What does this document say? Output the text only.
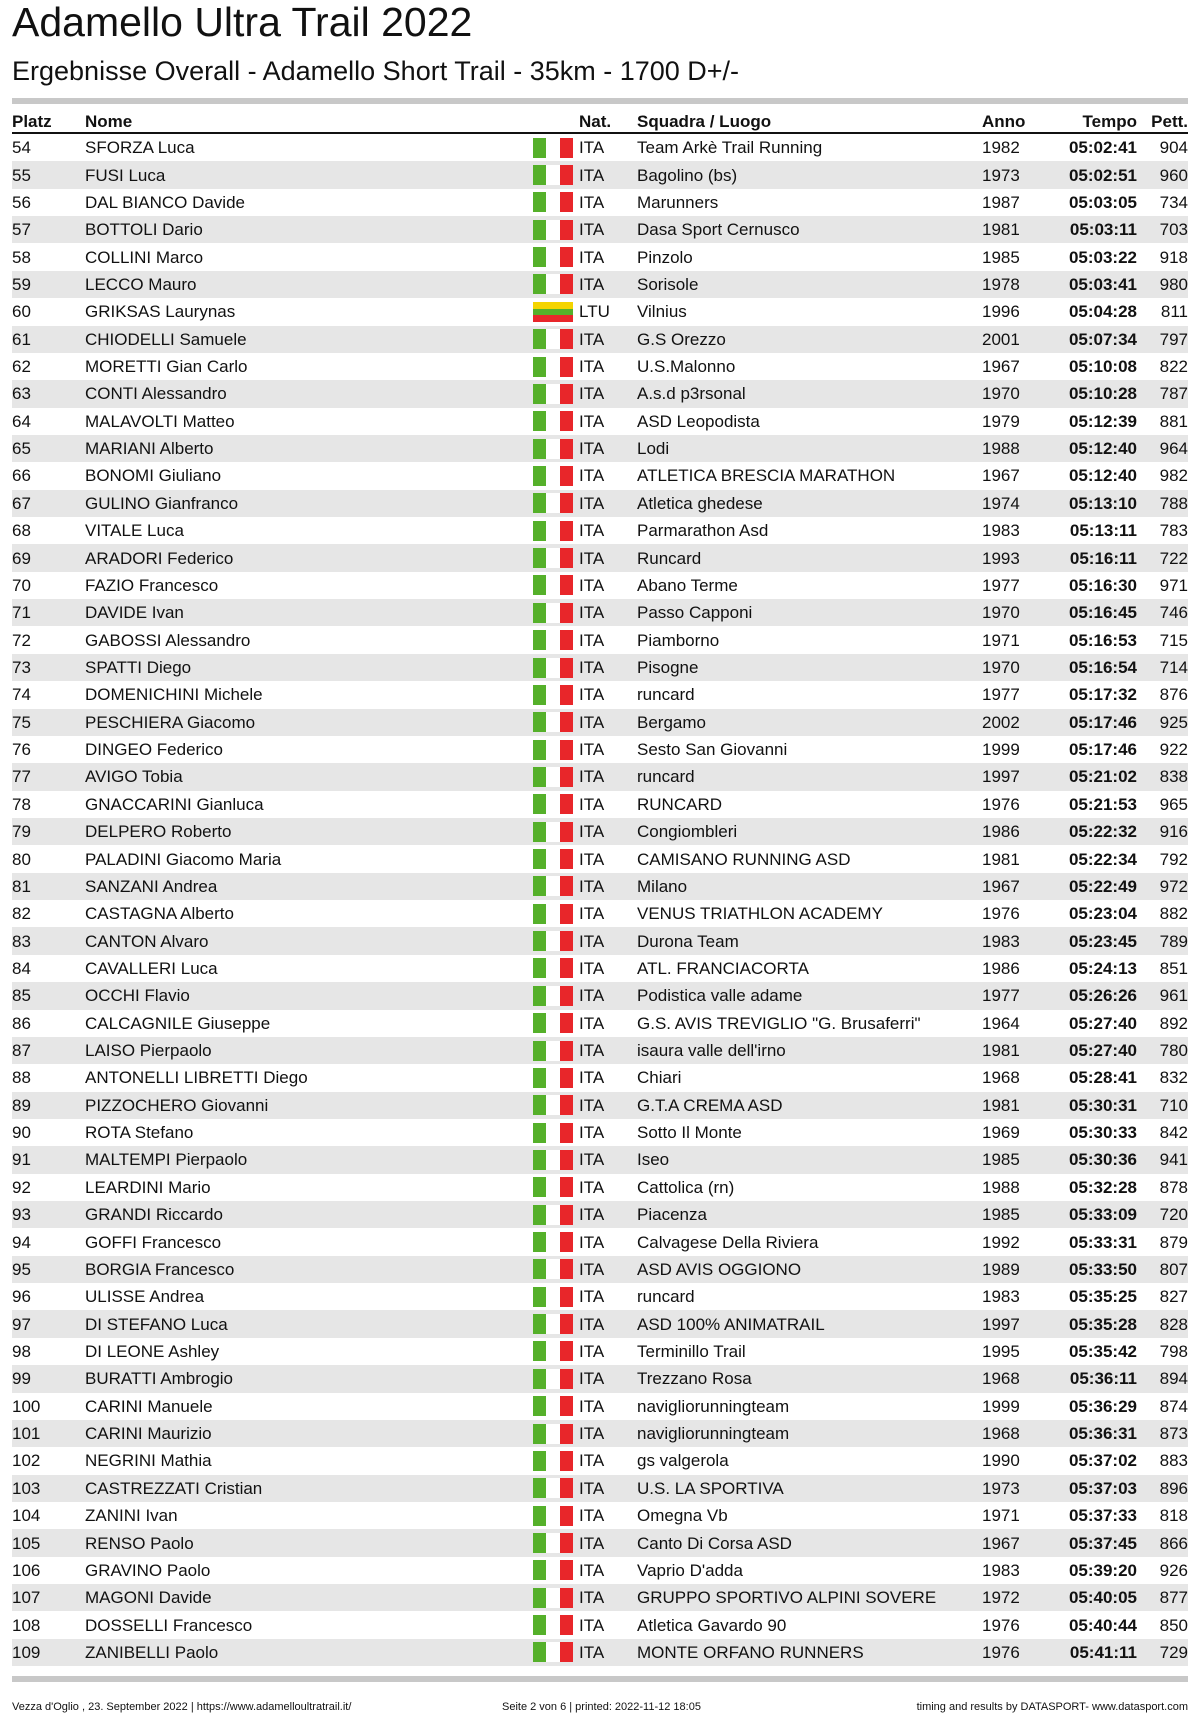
Adamello Ultra Trail 2022
Ergebnisse Overall - Adamello Short Trail - 35km - 1700 D+/-
Platz	Nome		Nat.	Squadra / Luogo	Anno	Tempo	Pett.
54	SFORZA Luca		ITA	Team Arkè Trail Running	1982	05:02:41	904
55	FUSI Luca		ITA	Bagolino (bs)	1973	05:02:51	960
56	DAL BIANCO Davide		ITA	Marunners	1987	05:03:05	734
57	BOTTOLI Dario		ITA	Dasa Sport Cernusco	1981	05:03:11	703
58	COLLINI Marco		ITA	Pinzolo	1985	05:03:22	918
59	LECCO Mauro		ITA	Sorisole	1978	05:03:41	980
60	GRIKSAS Laurynas		LTU	Vilnius	1996	05:04:28	811
61	CHIODELLI Samuele		ITA	G.S Orezzo	2001	05:07:34	797
62	MORETTI Gian Carlo		ITA	U.S.Malonno	1967	05:10:08	822
63	CONTI Alessandro		ITA	A.s.d p3rsonal	1970	05:10:28	787
64	MALAVOLTI Matteo		ITA	ASD Leopodista	1979	05:12:39	881
65	MARIANI Alberto		ITA	Lodi	1988	05:12:40	964
66	BONOMI Giuliano		ITA	ATLETICA BRESCIA MARATHON	1967	05:12:40	982
67	GULINO Gianfranco		ITA	Atletica ghedese	1974	05:13:10	788
68	VITALE Luca		ITA	Parmarathon Asd	1983	05:13:11	783
69	ARADORI Federico		ITA	Runcard	1993	05:16:11	722
70	FAZIO Francesco		ITA	Abano Terme	1977	05:16:30	971
71	DAVIDE Ivan		ITA	Passo Capponi	1970	05:16:45	746
72	GABOSSI Alessandro		ITA	Piamborno	1971	05:16:53	715
73	SPATTI Diego		ITA	Pisogne	1970	05:16:54	714
74	DOMENICHINI Michele		ITA	runcard	1977	05:17:32	876
75	PESCHIERA Giacomo		ITA	Bergamo	2002	05:17:46	925
76	DINGEO Federico		ITA	Sesto San Giovanni	1999	05:17:46	922
77	AVIGO Tobia		ITA	runcard	1997	05:21:02	838
78	GNACCARINI Gianluca		ITA	RUNCARD	1976	05:21:53	965
79	DELPERO Roberto		ITA	Congiombleri	1986	05:22:32	916
80	PALADINI Giacomo Maria		ITA	CAMISANO RUNNING ASD	1981	05:22:34	792
81	SANZANI Andrea		ITA	Milano	1967	05:22:49	972
82	CASTAGNA Alberto		ITA	VENUS TRIATHLON ACADEMY	1976	05:23:04	882
83	CANTON Alvaro		ITA	Durona Team	1983	05:23:45	789
84	CAVALLERI Luca		ITA	ATL. FRANCIACORTA	1986	05:24:13	851
85	OCCHI Flavio		ITA	Podistica valle adame	1977	05:26:26	961
86	CALCAGNILE Giuseppe		ITA	G.S. AVIS TREVIGLIO "G. Brusaferri"	1964	05:27:40	892
87	LAISO Pierpaolo		ITA	isaura valle dell'irno	1981	05:27:40	780
88	ANTONELLI LIBRETTI Diego		ITA	Chiari	1968	05:28:41	832
89	PIZZOCHERO Giovanni		ITA	G.T.A CREMA ASD	1981	05:30:31	710
90	ROTA Stefano		ITA	Sotto Il Monte	1969	05:30:33	842
91	MALTEMPI Pierpaolo		ITA	Iseo	1985	05:30:36	941
92	LEARDINI Mario		ITA	Cattolica (rn)	1988	05:32:28	878
93	GRANDI Riccardo		ITA	Piacenza	1985	05:33:09	720
94	GOFFI Francesco		ITA	Calvagese Della Riviera	1992	05:33:31	879
95	BORGIA Francesco		ITA	ASD AVIS OGGIONO	1989	05:33:50	807
96	ULISSE Andrea		ITA	runcard	1983	05:35:25	827
97	DI STEFANO Luca		ITA	ASD 100% ANIMATRAIL	1997	05:35:28	828
98	DI LEONE Ashley		ITA	Terminillo Trail	1995	05:35:42	798
99	BURATTI Ambrogio		ITA	Trezzano Rosa	1968	05:36:11	894
100	CARINI Manuele		ITA	navigliorunningteam	1999	05:36:29	874
101	CARINI Maurizio		ITA	navigliorunningteam	1968	05:36:31	873
102	NEGRINI Mathia		ITA	gs valgerola	1990	05:37:02	883
103	CASTREZZATI Cristian		ITA	U.S. LA SPORTIVA	1973	05:37:03	896
104	ZANINI Ivan		ITA	Omegna Vb	1971	05:37:33	818
105	RENSO Paolo		ITA	Canto Di Corsa ASD	1967	05:37:45	866
106	GRAVINO Paolo		ITA	Vaprio D'adda	1983	05:39:20	926
107	MAGONI Davide		ITA	GRUPPO SPORTIVO ALPINI SOVERE	1972	05:40:05	877
108	DOSSELLI Francesco		ITA	Atletica Gavardo 90	1976	05:40:44	850
109	ZANIBELLI Paolo		ITA	MONTE ORFANO RUNNERS	1976	05:41:11	729
Vezza d'Oglio , 23. September 2022 | https://www.adamelloultratrail.it/	Seite 2 von 6 | printed: 2022-11-12 18:05	timing and results by DATASPORT- www.datasport.com
